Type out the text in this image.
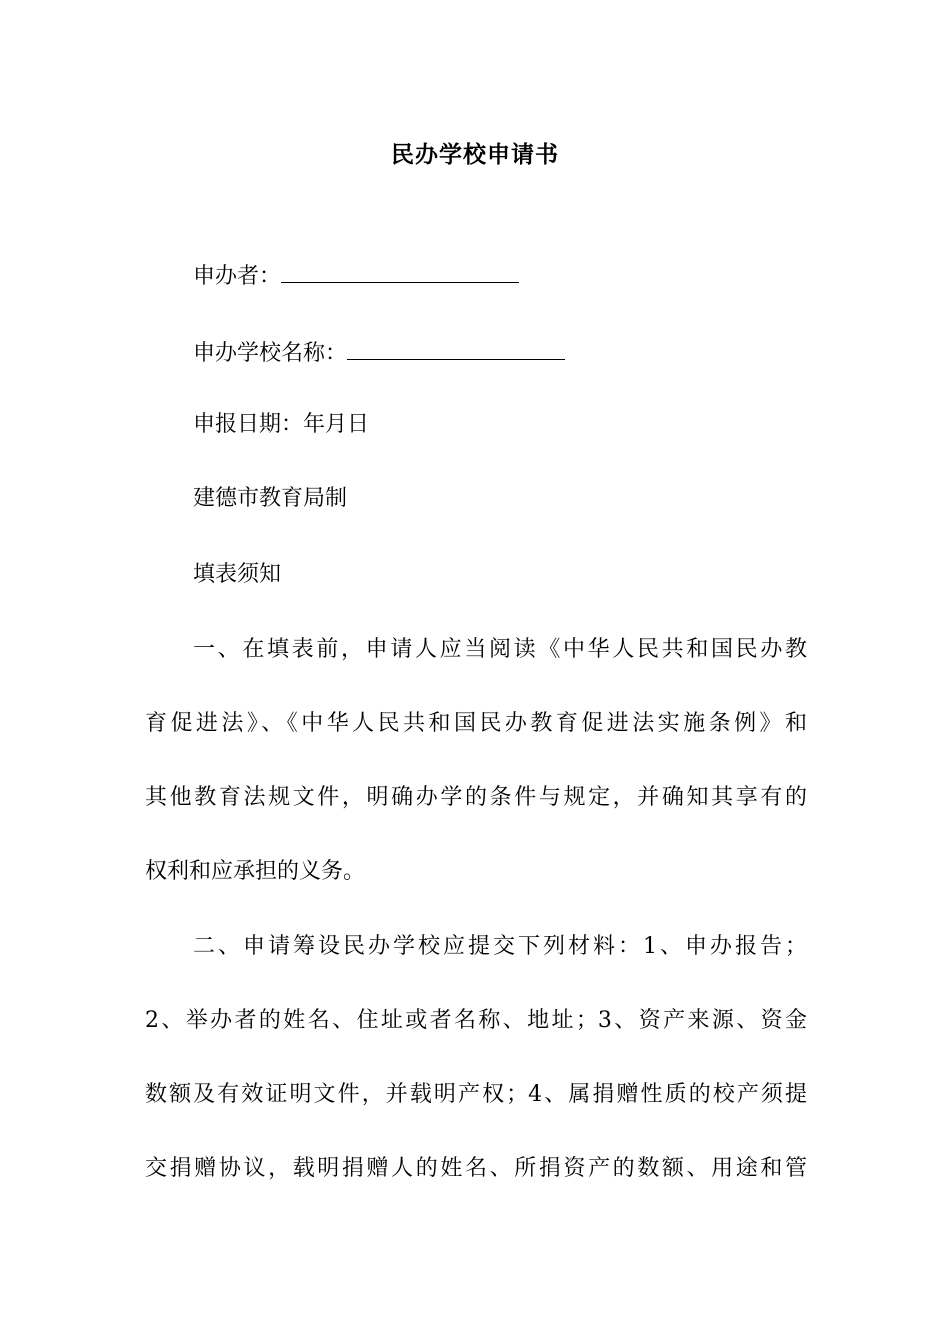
民办学校申请书
申办者：
申办学校名称：
申报日期：年月日
建德市教育局制
填表须知
一、在填表前，申请人应当阅读《中华人民共和国民办教
育促进法》、《中华人民共和国民办教育促进法实施条例》和
其他教育法规文件，明确办学的条件与规定，并确知其享有的
权利和应承担的义务。
二、申请筹设民办学校应提交下列材料：1、申办报告；
2、举办者的姓名、住址或者名称、地址；3、资产来源、资金
数额及有效证明文件，并载明产权；4、属捐赠性质的校产须提
交捐赠协议，载明捐赠人的姓名、所捐资产的数额、用途和管
